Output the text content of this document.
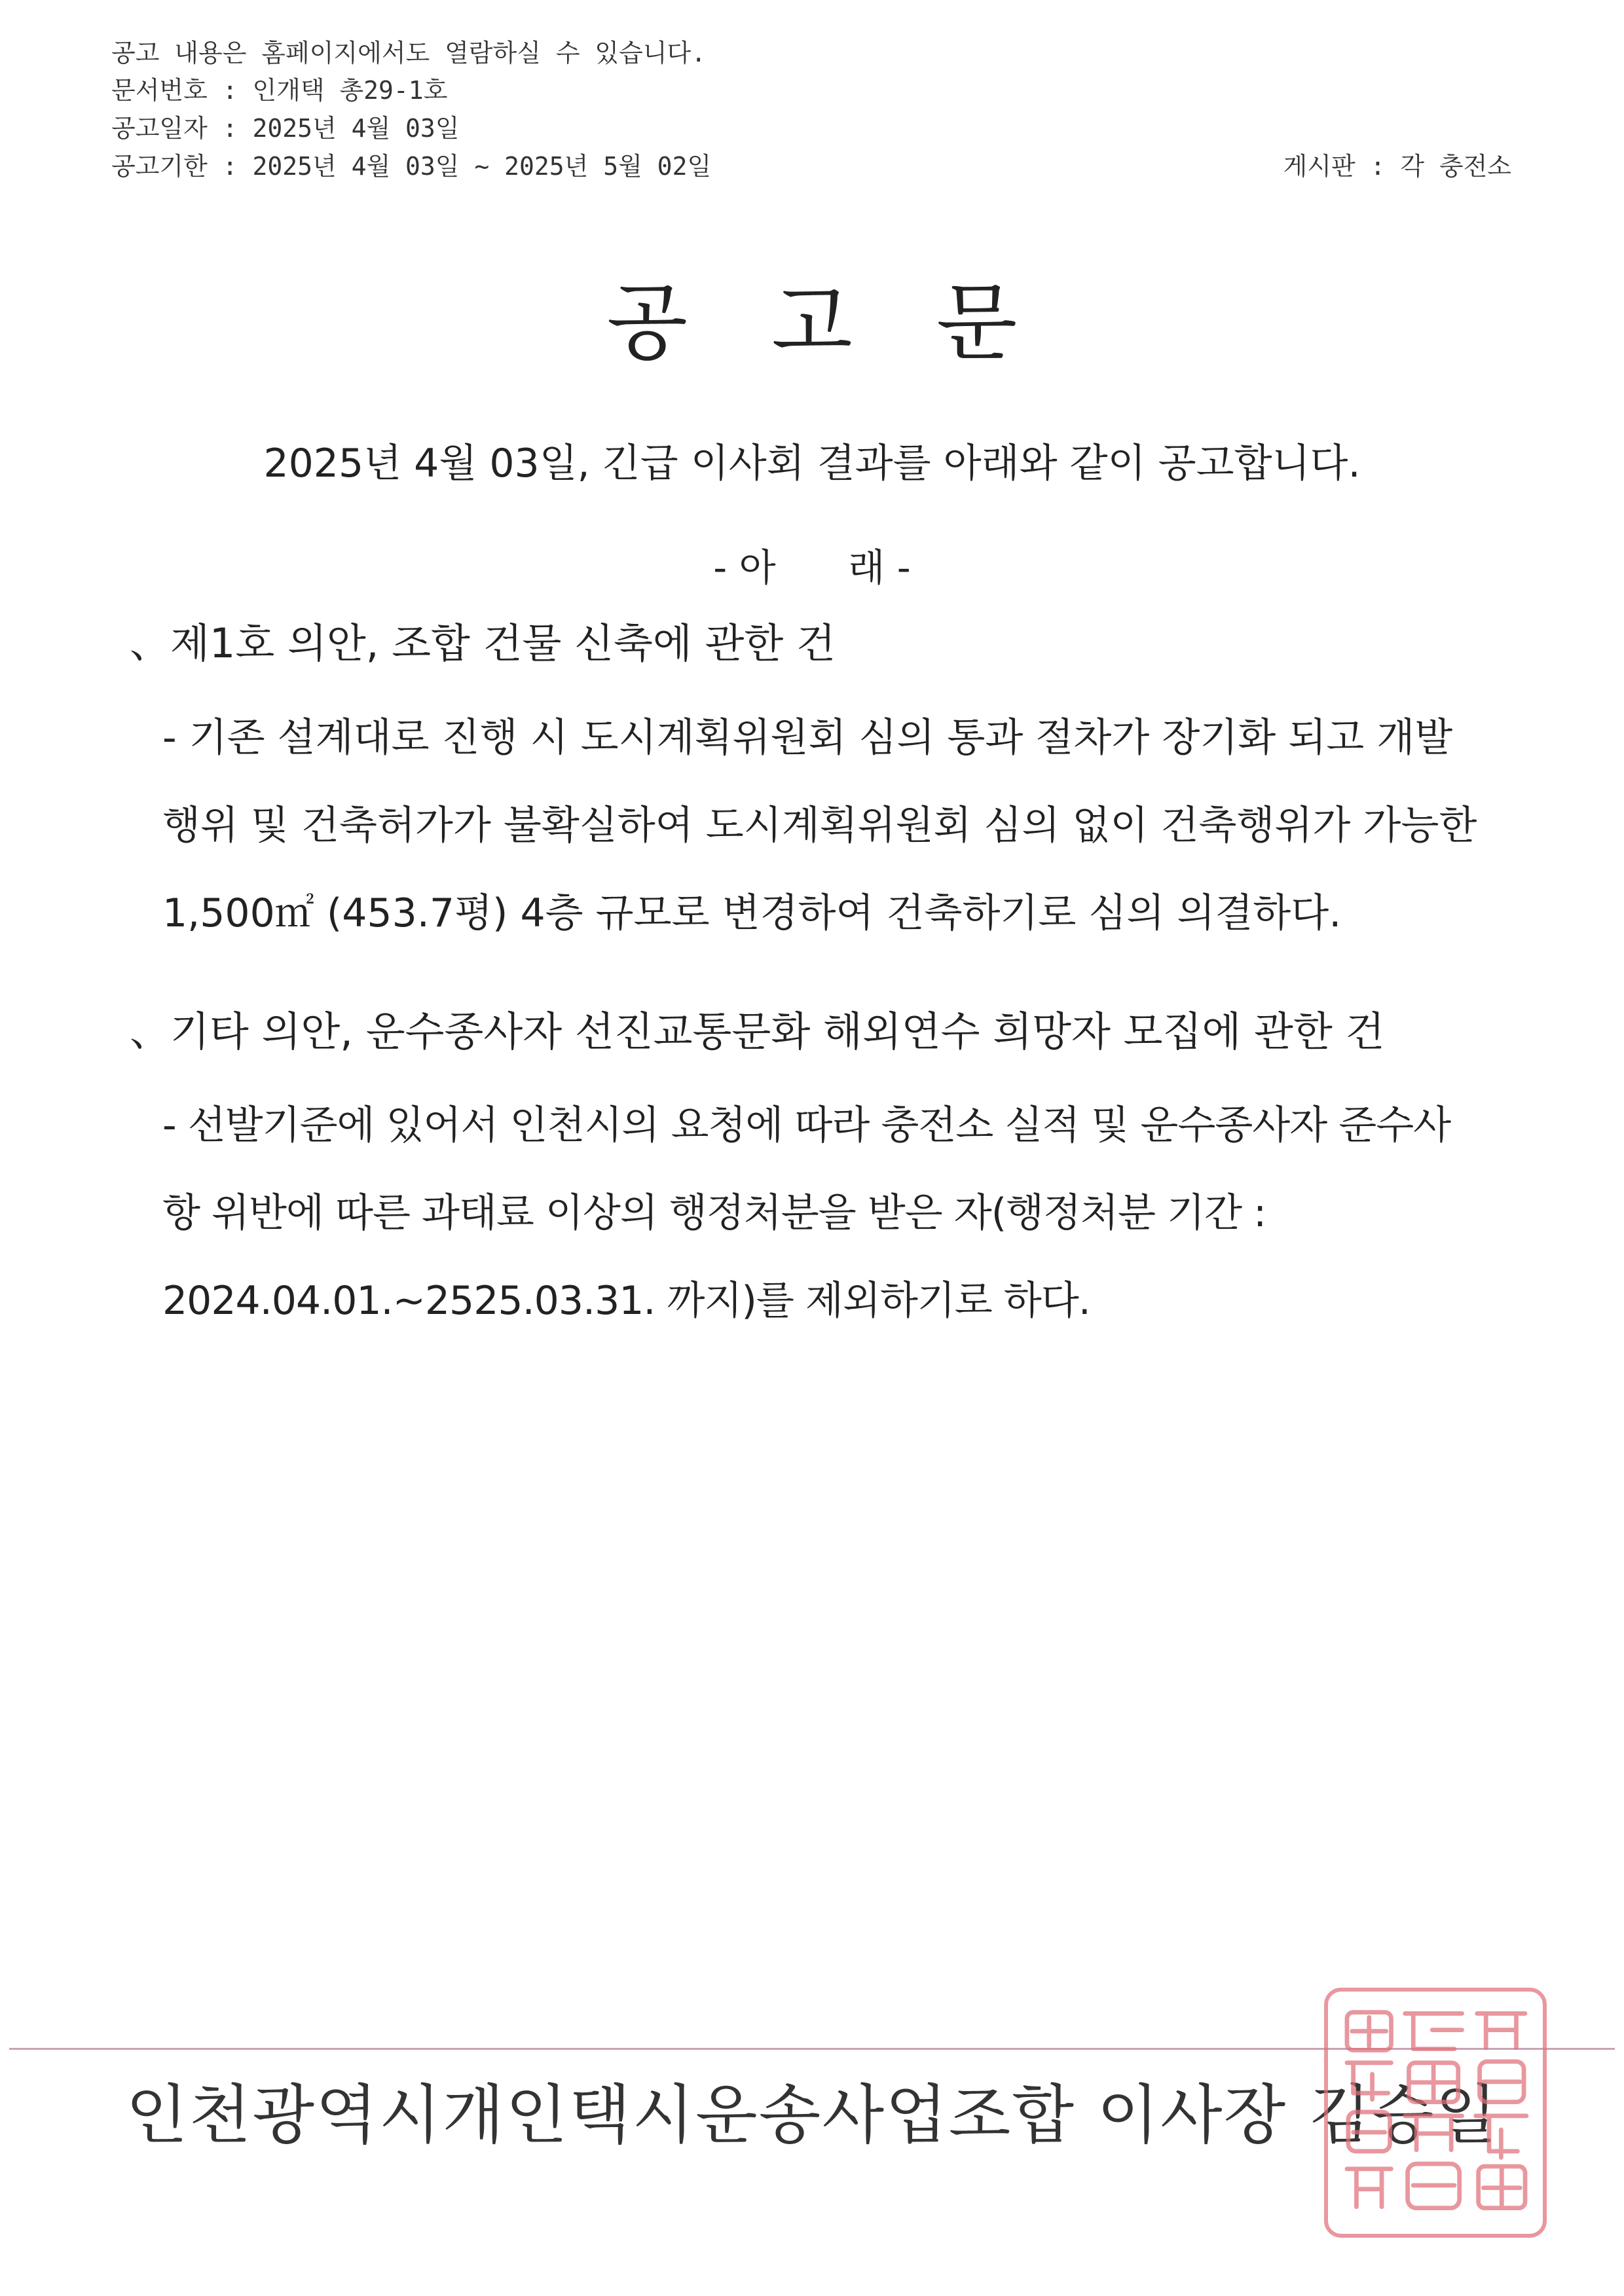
공고 내용은 홈페이지에서도 열람하실 수 있습니다.
문서번호 : 인개택 총29-1호
공고일자 : 2025년 4월 03일
공고기한 : 2025년 4월 03일 ~ 2025년 5월 02일	게시판 : 각 충전소
공고문
2025년 4월 03일, 긴급 이사회 결과를 아래와 같이 공고합니다.
- 아      래 -
、제1호 의안, 조합 건물 신축에 관한 건
- 기존 설계대로 진행 시 도시계획위원회 심의 통과 절차가 장기화 되고 개발행위 및 건축허가가 불확실하여 도시계획위원회 심의 없이 건축행위가 가능한 1,500㎡ (453.7평) 4층 규모로 변경하여 건축하기로 심의 의결하다.
、기타 의안, 운수종사자 선진교통문화 해외연수 희망자 모집에 관한 건
- 선발기준에 있어서 인천시의 요청에 따라 충전소 실적 및 운수종사자 준수사항 위반에 따른 과태료 이상의 행정처분을 받은 자(행정처분 기간 : 2024.04.01.~2525.03.31. 까지)를 제외하기로 하다.
인천광역시개인택시운송사업조합 이사장 김승일
